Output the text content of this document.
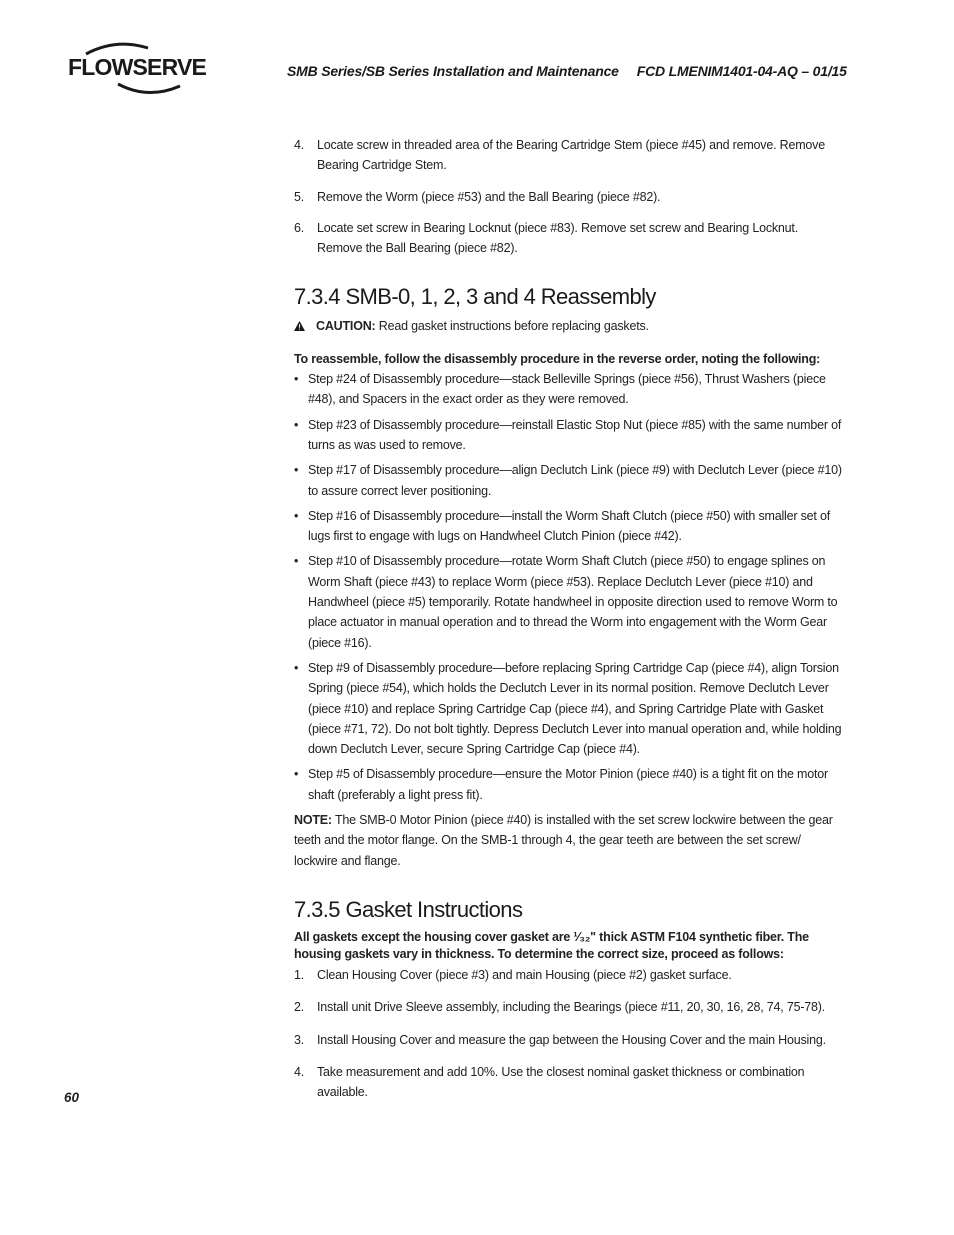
FLOWSERVE	SMB Series/SB Series Installation and Maintenance FCD LMENIM1401-04-AQ – 01/15
4. Locate screw in threaded area of the Bearing Cartridge Stem (piece #45) and remove. Remove Bearing Cartridge Stem.
5. Remove the Worm (piece #53) and the Ball Bearing (piece #82).
6. Locate set screw in Bearing Locknut (piece #83). Remove set screw and Bearing Locknut. Remove the Ball Bearing (piece #82).
7.3.4 SMB-0, 1, 2, 3 and 4 Reassembly
CAUTION: Read gasket instructions before replacing gaskets.
To reassemble, follow the disassembly procedure in the reverse order, noting the following:
• Step #24 of Disassembly procedure—stack Belleville Springs (piece #56), Thrust Washers (piece #48), and Spacers in the exact order as they were removed.
• Step #23 of Disassembly procedure—reinstall Elastic Stop Nut (piece #85) with the same number of turns as was used to remove.
• Step #17 of Disassembly procedure—align Declutch Link (piece #9) with Declutch Lever (piece #10) to assure correct lever positioning.
• Step #16 of Disassembly procedure—install the Worm Shaft Clutch (piece #50) with smaller set of lugs first to engage with lugs on Handwheel Clutch Pinion (piece #42).
• Step #10 of Disassembly procedure—rotate Worm Shaft Clutch (piece #50) to engage splines on Worm Shaft (piece #43) to replace Worm (piece #53). Replace Declutch Lever (piece #10) and Handwheel (piece #5) temporarily. Rotate handwheel in opposite direction used to remove Worm to place actuator in manual operation and to thread the Worm into engagement with the Worm Gear (piece #16).
• Step #9 of Disassembly procedure—before replacing Spring Cartridge Cap (piece #4), align Torsion Spring (piece #54), which holds the Declutch Lever in its normal position. Remove Declutch Lever (piece #10) and replace Spring Cartridge Cap (piece #4), and Spring Cartridge Plate with Gasket (piece #71, 72). Do not bolt tightly. Depress Declutch Lever into manual operation and, while holding down Declutch Lever, secure Spring Cartridge Cap (piece #4).
• Step #5 of Disassembly procedure—ensure the Motor Pinion (piece #40) is a tight fit on the motor shaft (preferably a light press fit).
NOTE: The SMB-0 Motor Pinion (piece #40) is installed with the set screw lockwire between the gear teeth and the motor flange. On the SMB-1 through 4, the gear teeth are between the set screw/ lockwire and flange.
7.3.5 Gasket Instructions
All gaskets except the housing cover gasket are ¹⁄₃₂" thick ASTM F104 synthetic fiber. The housing gaskets vary in thickness. To determine the correct size, proceed as follows:
1. Clean Housing Cover (piece #3) and main Housing (piece #2) gasket surface.
2. Install unit Drive Sleeve assembly, including the Bearings (piece #11, 20, 30, 16, 28, 74, 75-78).
3. Install Housing Cover and measure the gap between the Housing Cover and the main Housing.
4. Take measurement and add 10%. Use the closest nominal gasket thickness or combination available.
60
